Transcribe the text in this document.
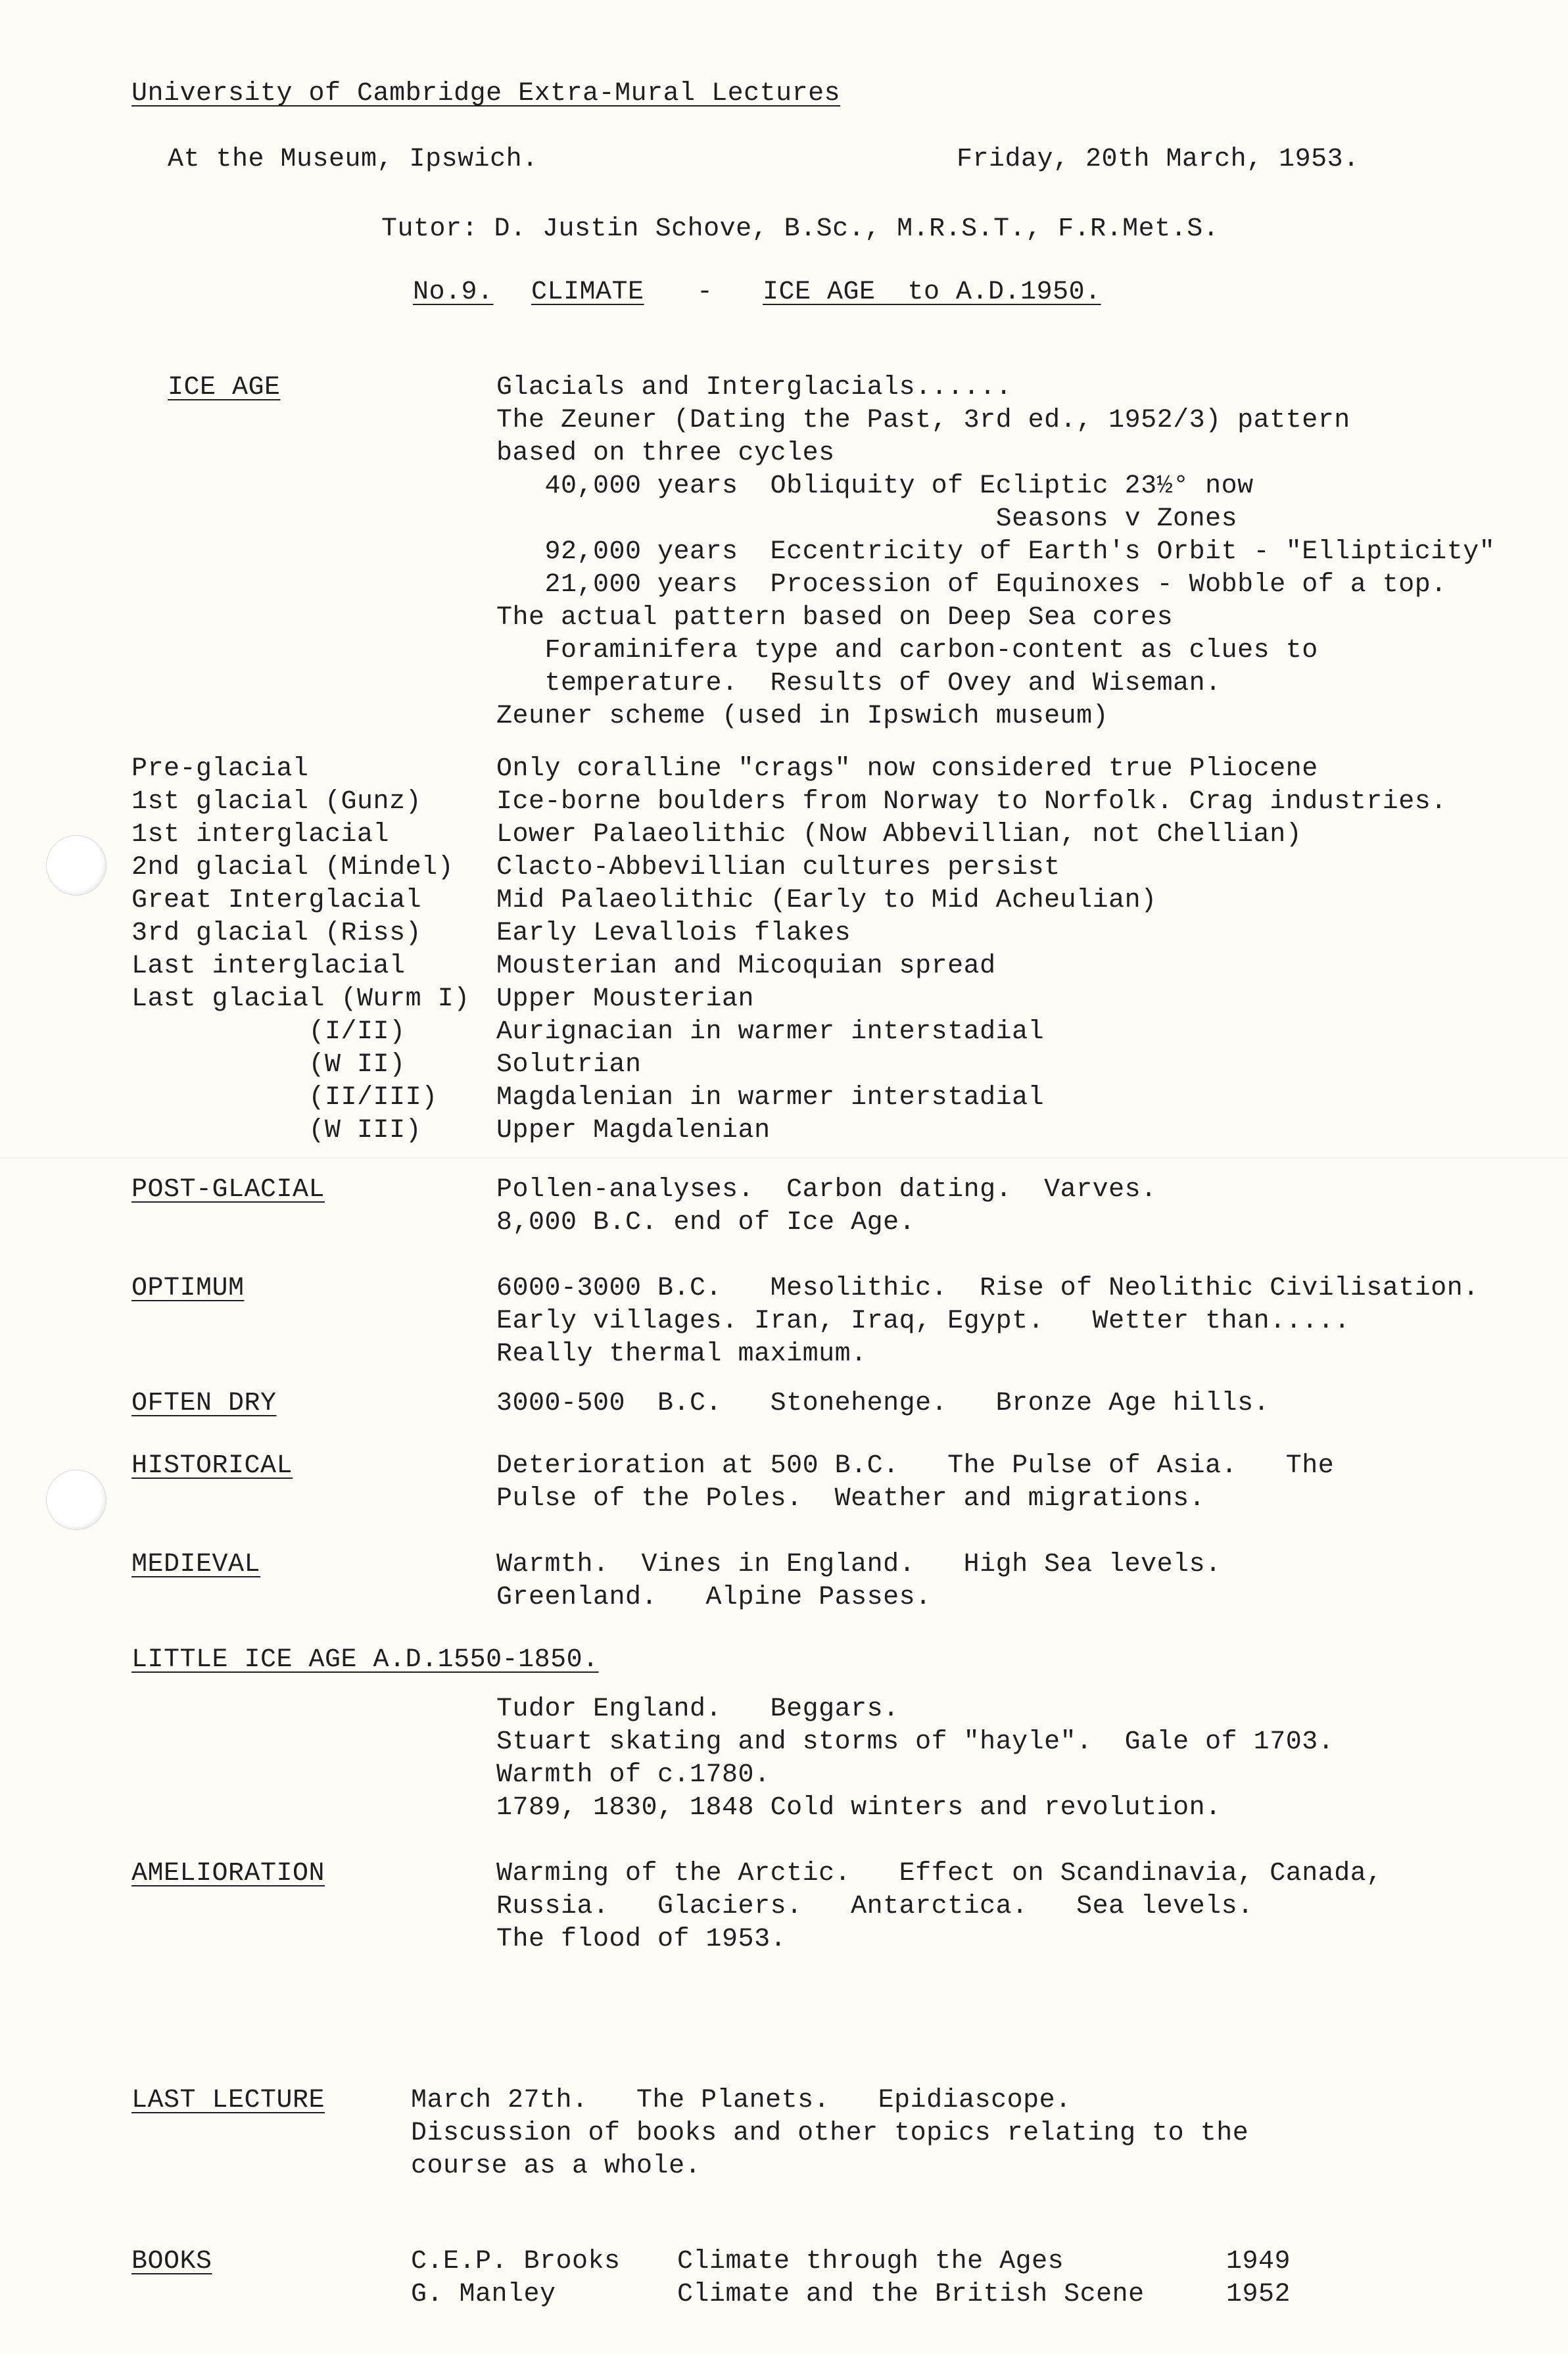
University of Cambridge Extra-Mural Lectures
At the Museum, Ipswich.	Friday, 20th March, 1953.
Tutor: D. Justin Schove, B.Sc., M.R.S.T., F.R.Met.S.
No.9. CLIMATE - ICE AGE  to A.D.1950.
ICE AGE	Glacials and Interglacials......
The Zeuner (Dating the Past, 3rd ed., 1952/3) pattern
based on three cycles
40,000 years  Obliquity of Ecliptic 23½° now
Seasons v Zones
92,000 years  Eccentricity of Earth's Orbit - "Ellipticity"
21,000 years  Procession of Equinoxes - Wobble of a top.
The actual pattern based on Deep Sea cores
Foraminifera type and carbon-content as clues to
temperature.  Results of Ovey and Wiseman.
Zeuner scheme (used in Ipswich museum)
Pre-glacial	Only coralline "crags" now considered true Pliocene
1st glacial (Gunz)	Ice-borne boulders from Norway to Norfolk. Crag industries.
1st interglacial	Lower Palaeolithic (Now Abbevillian, not Chellian)
2nd glacial (Mindel) Clacto-Abbevillian cultures persist
Great Interglacial	Mid Palaeolithic (Early to Mid Acheulian)
3rd glacial (Riss)	Early Levallois flakes
Last interglacial	Mousterian and Micoquian spread
Last glacial (Wurm I) Upper Mousterian
(I/II)	Aurignacian in warmer interstadial
(W II)	Solutrian
(II/III) Magdalenian in warmer interstadial
(W III)	Upper Magdalenian
POST-GLACIAL	Pollen-analyses.  Carbon dating.  Varves.
8,000 B.C. end of Ice Age.
OPTIMUM	6000-3000 B.C.   Mesolithic.  Rise of Neolithic Civilisation.
Early villages. Iran, Iraq, Egypt.   Wetter than.....
Really thermal maximum.
OFTEN DRY	3000-500  B.C.   Stonehenge.   Bronze Age hills.
HISTORICAL	Deterioration at 500 B.C.   The Pulse of Asia.   The
Pulse of the Poles.  Weather and migrations.
MEDIEVAL	Warmth.  Vines in England.   High Sea levels.
Greenland.   Alpine Passes.
LITTLE ICE AGE A.D.1550-1850.
Tudor England.   Beggars.
Stuart skating and storms of "hayle".  Gale of 1703.
Warmth of c.1780.
1789, 1830, 1848 Cold winters and revolution.
AMELIORATION	Warming of the Arctic.   Effect on Scandinavia, Canada,
Russia.   Glaciers.   Antarctica.   Sea levels.
The flood of 1953.
LAST LECTURE	March 27th.   The Planets.   Epidiascope.
Discussion of books and other topics relating to the
course as a whole.
BOOKS	C.E.P. Brooks Climate through the Ages	1949
G. Manley	Climate and the British Scene	1952
